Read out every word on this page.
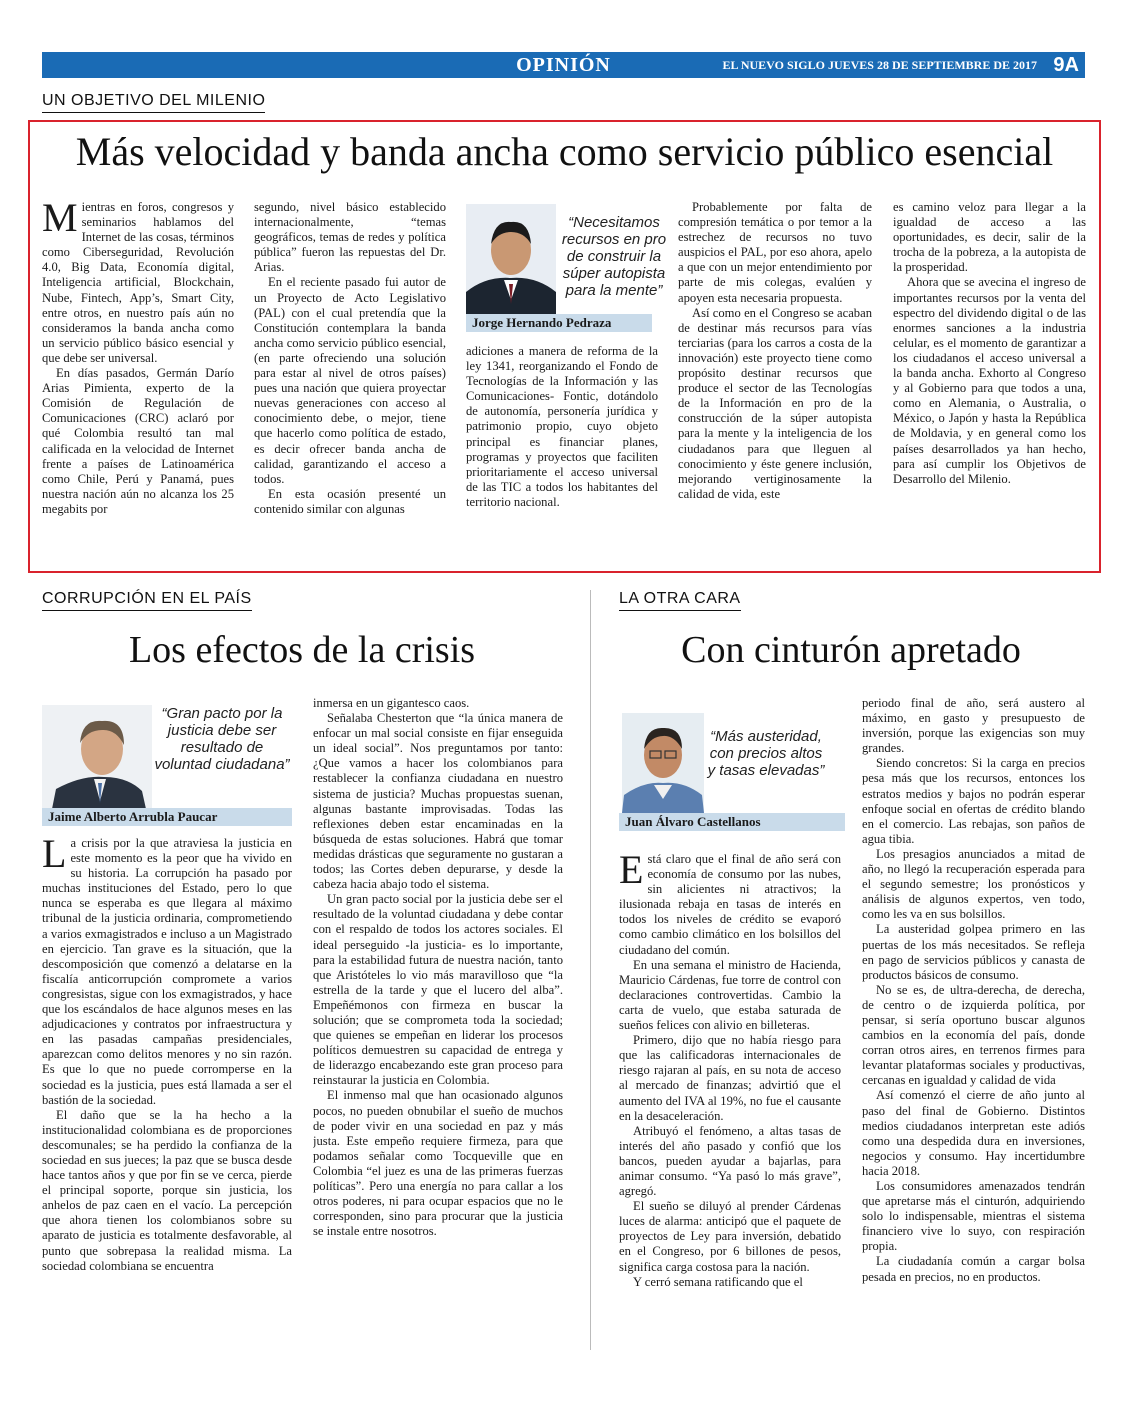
OPINIÓN	EL NUEVO SIGLO JUEVES 28 DE SEPTIEMBRE DE 2017 9A
UN OBJETIVO DEL MILENIO
Más velocidad y banda ancha como servicio público esencial

Mientras en foros, congresos y seminarios hablamos del Internet de las cosas, términos como Ciberseguridad, Revolución 4.0, Big Data, Economía digital, Inteligencia artificial, Blockchain, Nube, Fintech, App’s, Smart City, entre otros, en nuestro país aún no consideramos la banda ancha como un servicio público básico esencial y que debe ser universal.

En días pasados, Germán Darío Arias Pimienta, experto de la Comisión de Regulación de Comunicaciones (CRC) aclaró por qué Colombia resultó tan mal calificada en la velocidad de Internet frente a países de Latinoamérica como Chile, Perú y Panamá, pues nuestra nación aún no alcanza los 25 megabits por

segundo, nivel básico establecido internacionalmente, “temas geográficos, temas de redes y política pública” fueron las repuestas del Dr. Arias.

En el reciente pasado fui autor de un Proyecto de Acto Legislativo (PAL) con el cual pretendía que la Constitución contemplara la banda ancha como servicio público esencial, (en parte ofreciendo una solución para estar al nivel de otros países) pues una nación que quiera proyectar nuevas generaciones con acceso al conocimiento debe, o mejor, tiene que hacerlo como política de estado, es decir ofrecer banda ancha de calidad, garantizando el acceso a todos.

En esta ocasión presenté un contenido similar con algunas

“Necesitamos recursos en pro de construir la súper autopista para la mente”
Jorge Hernando Pedraza

adiciones a manera de reforma de la ley 1341, reorganizando el Fondo de Tecnologías de la Información y las Comunicaciones- Fontic, dotándolo de autonomía, personería jurídica y patrimonio propio, cuyo objeto principal es financiar planes, programas y proyectos que faciliten prioritariamente el acceso universal de las TIC a todos los habitantes del territorio nacional.

Probablemente por falta de compresión temática o por temor a la estrechez de recursos no tuvo auspicios el PAL, por eso ahora, apelo a que con un mejor entendimiento por parte de mis colegas, evalúen y apoyen esta necesaria propuesta.

Así como en el Congreso se acaban de destinar más recursos para vías terciarias (para los carros a costa de la innovación) este proyecto tiene como propósito destinar recursos que produce el sector de las Tecnologías de la Información en pro de la construcción de la súper autopista para la mente y la inteligencia de los ciudadanos para que lleguen al conocimiento y éste genere inclusión, mejorando vertiginosamente la calidad de vida, este

es camino veloz para llegar a la igualdad de acceso a las oportunidades, es decir, salir de la trocha de la pobreza, a la autopista de la prosperidad.

Ahora que se avecina el ingreso de importantes recursos por la venta del espectro del dividendo digital o de las enormes sanciones a la industria celular, es el momento de garantizar a los ciudadanos el acceso universal a la banda ancha. Exhorto al Congreso y al Gobierno para que todos a una, como en Alemania, o Australia, o México, o Japón y hasta la República de Moldavia, y en general como los países desarrollados ya han hecho, para así cumplir los Objetivos de Desarrollo del Milenio.

CORRUPCIÓN EN EL PAÍS
Los efectos de la crisis
“Gran pacto por la justicia debe ser resultado de voluntad ciudadana”
Jaime Alberto Arrubla Paucar

La crisis por la que atraviesa la justicia en este momento es la peor que ha vivido en su historia. La corrupción ha pasado por muchas instituciones del Estado, pero lo que nunca se esperaba es que llegara al máximo tribunal de la justicia ordinaria, comprometiendo a varios exmagistrados e incluso a un Magistrado en ejercicio. Tan grave es la situación, que la descomposición que comenzó a delatarse en la fiscalía anticorrupción compromete a varios congresistas, sigue con los exmagistrados, y hace que los escándalos de hace algunos meses en las adjudicaciones y contratos por infraestructura y en las pasadas campañas presidenciales, aparezcan como delitos menores y no sin razón. Es que lo que no puede corromperse en la sociedad es la justicia, pues está llamada a ser el bastión de la sociedad.

El daño que se la ha hecho a la institucionalidad colombiana es de proporciones descomunales; se ha perdido la confianza de la sociedad en sus jueces; la paz que se busca desde hace tantos años y que por fin se ve cerca, pierde el principal soporte, porque sin justicia, los anhelos de paz caen en el vacío. La percepción que ahora tienen los colombianos sobre su aparato de justicia es totalmente desfavorable, al punto que sobrepasa la realidad misma. La sociedad colombiana se encuentra

inmersa en un gigantesco caos.

Señalaba Chesterton que “la única manera de enfocar un mal social consiste en fijar enseguida un ideal social”. Nos preguntamos por tanto: ¿Que vamos a hacer los colombianos para restablecer la confianza ciudadana en nuestro sistema de justicia? Muchas propuestas suenan, algunas bastante improvisadas. Todas las reflexiones deben estar encaminadas en la búsqueda de estas soluciones. Habrá que tomar medidas drásticas que seguramente no gustaran a todos; las Cortes deben depurarse, y desde la cabeza hacia abajo todo el sistema.

Un gran pacto social por la justicia debe ser el resultado de la voluntad ciudadana y debe contar con el respaldo de todos los actores sociales. El ideal perseguido -la justicia- es lo importante, para la estabilidad futura de nuestra nación, tanto que Aristóteles lo vio más maravilloso que “la estrella de la tarde y que el lucero del alba”. Empeñémonos con firmeza en buscar la solución; que se comprometa toda la sociedad; que quienes se empeñan en liderar los procesos políticos demuestren su capacidad de entrega y de liderazgo encabezando este gran proceso para reinstaurar la justicia en Colombia.

El inmenso mal que han ocasionado algunos pocos, no pueden obnubilar el sueño de muchos de poder vivir en una sociedad en paz y más justa. Este empeño requiere firmeza, para que podamos señalar como Tocqueville que en Colombia “el juez es una de las primeras fuerzas políticas”. Pero una energía no para callar a los otros poderes, ni para ocupar espacios que no le corresponden, sino para procurar que la justicia se instale entre nosotros.

LA OTRA CARA
Con cinturón apretado
“Más austeridad, con precios altos y tasas elevadas”
Juan Álvaro Castellanos

Está claro que el final de año será con economía de consumo por las nubes, sin alicientes ni atractivos; la ilusionada rebaja en tasas de interés en todos los niveles de crédito se evaporó como cambio climático en los bolsillos del ciudadano del común.

En una semana el ministro de Hacienda, Mauricio Cárdenas, fue torre de control con declaraciones controvertidas. Cambio la carta de vuelo, que estaba saturada de sueños felices con alivio en billeteras.

Primero, dijo que no había riesgo para que las calificadoras internacionales de riesgo rajaran al país, en su nota de acceso al mercado de finanzas; advirtió que el aumento del IVA al 19%, no fue el causante en la desaceleración.

Atribuyó el fenómeno, a altas tasas de interés del año pasado y confió que los bancos, pueden ayudar a bajarlas, para animar consumo. “Ya pasó lo más grave”, agregó.

El sueño se diluyó al prender Cárdenas luces de alarma: anticipó que el paquete de proyectos de Ley para inversión, debatido en el Congreso, por 6 billones de pesos, significa carga costosa para la nación.

Y cerró semana ratificando que el

periodo final de año, será austero al máximo, en gasto y presupuesto de inversión, porque las exigencias son muy grandes.

Siendo concretos: Si la carga en precios pesa más que los recursos, entonces los estratos medios y bajos no podrán esperar enfoque social en ofertas de crédito blando en el comercio. Las rebajas, son paños de agua tibia.

Los presagios anunciados a mitad de año, no llegó la recuperación esperada para el segundo semestre; los pronósticos y análisis de algunos expertos, ven todo, como les va en sus bolsillos.

La austeridad golpea primero en las puertas de los más necesitados. Se refleja en pago de servicios públicos y canasta de productos básicos de consumo.

No se es, de ultra-derecha, de derecha, de centro o de izquierda política, por pensar, si sería oportuno buscar algunos cambios en la economía del país, donde corran otros aires, en terrenos firmes para levantar plataformas sociales y productivas, cercanas en igualdad y calidad de vida

Así comenzó el cierre de año junto al paso del final de Gobierno. Distintos medios ciudadanos interpretan este adiós como una despedida dura en inversiones, negocios y consumo. Hay incertidumbre hacia 2018.

Los consumidores amenazados tendrán que apretarse más el cinturón, adquiriendo solo lo indispensable, mientras el sistema financiero vive lo suyo, con respiración propia.

La ciudadanía común a cargar bolsa pesada en precios, no en productos.
